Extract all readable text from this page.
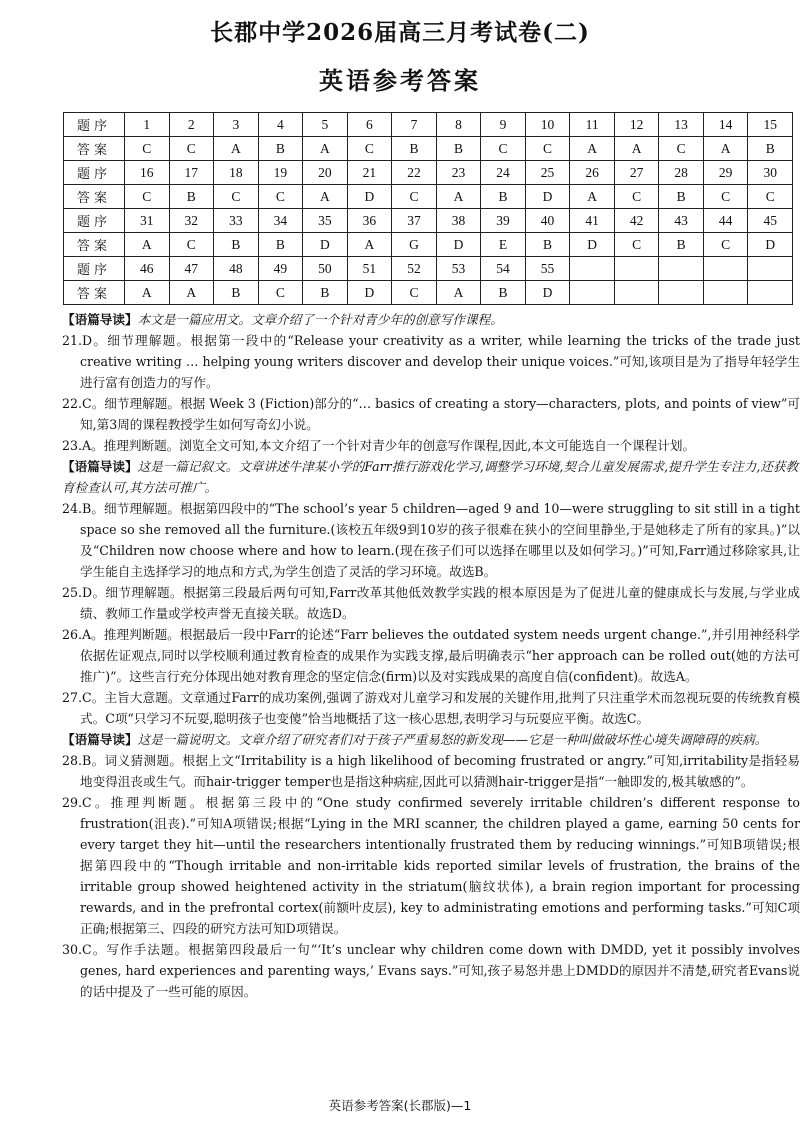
长郡中学2026届高三月考试卷(二)
英语参考答案
题序	1	2	3	4	5	6	7	8	9	10	11	12	13	14	15
答案	C	C	A	B	A	C	B	B	C	C	A	A	C	A	B
题序	16	17	18	19	20	21	22	23	24	25	26	27	28	29	30
答案	C	B	C	C	A	D	C	A	B	D	A	C	B	C	C
题序	31	32	33	34	35	36	37	38	39	40	41	42	43	44	45
答案	A	C	B	B	D	A	G	D	E	B	D	C	B	C	D
题序	46	47	48	49	50	51	52	53	54	55					
答案	A	A	B	C	B	D	C	A	B	D					

【语篇导读】本文是一篇应用文。文章介绍了一个针对青少年的创意写作课程。

21.D。细节理解题。根据第一段中的“Release your creativity as a writer, while learning the tricks of the trade just creative writing … helping young writers discover and develop their unique voices.”可知,该项目是为了指导年轻学生进行富有创造力的写作。

22.C。细节理解题。根据 Week 3 (Fiction)部分的“… basics of creating a story—characters, plots, and points of view”可知,第3周的课程教授学生如何写奇幻小说。

23.A。推理判断题。浏览全文可知,本文介绍了一个针对青少年的创意写作课程,因此,本文可能选自一个课程计划。

【语篇导读】这是一篇记叙文。文章讲述牛津某小学的Farr推行游戏化学习,调整学习环境,契合儿童发展需求,提升学生专注力,还获教育检查认可,其方法可推广。

24.B。细节理解题。根据第四段中的“The school’s year 5 children—aged 9 and 10—were struggling to sit still in a tight space so she removed all the furniture.(该校五年级9到10岁的孩子很难在狭小的空间里静坐,于是她移走了所有的家具。)”以及“Children now choose where and how to learn.(现在孩子们可以选择在哪里以及如何学习。)”可知,Farr通过移除家具,让学生能自主选择学习的地点和方式,为学生创造了灵活的学习环境。故选B。

25.D。细节理解题。根据第三段最后两句可知,Farr改革其他低效教学实践的根本原因是为了促进儿童的健康成长与发展,与学业成绩、教师工作量或学校声誉无直接关联。故选D。

26.A。推理判断题。根据最后一段中Farr的论述“Farr believes the outdated system needs urgent change.”,并引用神经科学依据佐证观点,同时以学校顺利通过教育检查的成果作为实践支撑,最后明确表示“her approach can be rolled out(她的方法可推广)”。这些言行充分体现出她对教育理念的坚定信念(firm)以及对实践成果的高度自信(confident)。故选A。

27.C。主旨大意题。文章通过Farr的成功案例,强调了游戏对儿童学习和发展的关键作用,批判了只注重学术而忽视玩耍的传统教育模式。C项“只学习不玩耍,聪明孩子也变傻”恰当地概括了这一核心思想,表明学习与玩耍应平衡。故选C。

【语篇导读】这是一篇说明文。文章介绍了研究者们对于孩子严重易怒的新发现——它是一种叫做破坏性心境失调障碍的疾病。

28.B。词义猜测题。根据上文“Irritability is a high likelihood of becoming frustrated or angry.”可知,irritability是指轻易地变得沮丧或生气。而hair-trigger temper也是指这种病症,因此可以猜测hair-trigger是指“一触即发的,极其敏感的”。

29.C。推理判断题。根据第三段中的“One study confirmed severely irritable children’s different response to frustration(沮丧).”可知A项错误;根据“Lying in the MRI scanner, the children played a game, earning 50 cents for every target they hit—until the researchers intentionally frustrated them by reducing winnings.”可知B项错误;根据第四段中的“Though irritable and non-irritable kids reported similar levels of frustration, the brains of the irritable group showed heightened activity in the striatum(脑纹状体), a brain region important for processing rewards, and in the prefrontal cortex(前额叶皮层), key to administrating emotions and performing tasks.”可知C项正确;根据第三、四段的研究方法可知D项错误。

30.C。写作手法题。根据第四段最后一句“‘It’s unclear why children come down with DMDD, yet it possibly involves genes, hard experiences and parenting ways,’ Evans says.”可知,孩子易怒并患上DMDD的原因并不清楚,研究者Evans说的话中提及了一些可能的原因。

英语参考答案(长郡版)—1
